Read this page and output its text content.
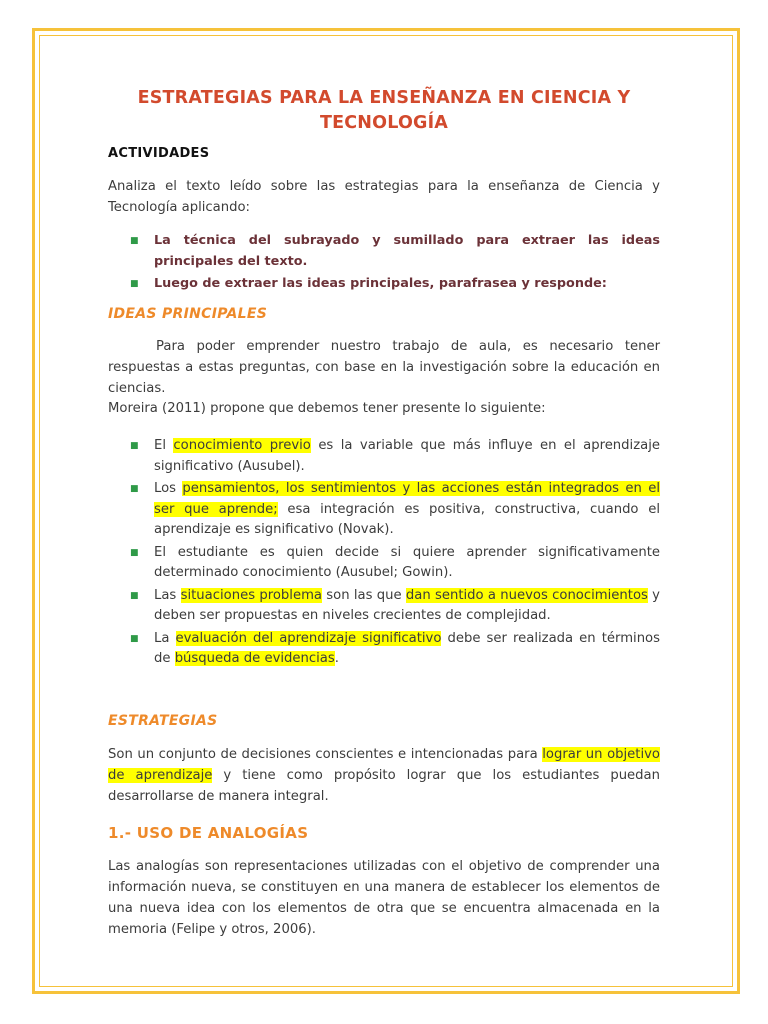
ESTRATEGIAS PARA LA ENSEÑANZA EN CIENCIA Y TECNOLOGÍA
ACTIVIDADES

Analiza el texto leído sobre las estrategias para la enseñanza de Ciencia y Tecnología aplicando:

■ La técnica del subrayado y sumillado para extraer las ideas principales del texto.
■ Luego de extraer las ideas principales, parafrasea y responde:
IDEAS PRINCIPALES

Para poder emprender nuestro trabajo de aula, es necesario tener respuestas a estas preguntas, con base en la investigación sobre la educación en ciencias.

Moreira (2011) propone que debemos tener presente lo siguiente:

■ El conocimiento previo es la variable que más influye en el aprendizaje significativo (Ausubel).
■ Los pensamientos, los sentimientos y las acciones están integrados en el ser que aprende; esa integración es positiva, constructiva, cuando el aprendizaje es significativo (Novak).
■ El estudiante es quien decide si quiere aprender significativamente determinado conocimiento (Ausubel; Gowin).
■ Las situaciones problema son las que dan sentido a nuevos conocimientos y deben ser propuestas en niveles crecientes de complejidad.
■ La evaluación del aprendizaje significativo debe ser realizada en términos de búsqueda de evidencias.
ESTRATEGIAS

Son un conjunto de decisiones conscientes e intencionadas para lograr un objetivo de aprendizaje y tiene como propósito lograr que los estudiantes puedan desarrollarse de manera integral.

1.- USO DE ANALOGÍAS

Las analogías son representaciones utilizadas con el objetivo de comprender una información nueva, se constituyen en una manera de establecer los elementos de una nueva idea con los elementos de otra que se encuentra almacenada en la memoria (Felipe y otros, 2006).
